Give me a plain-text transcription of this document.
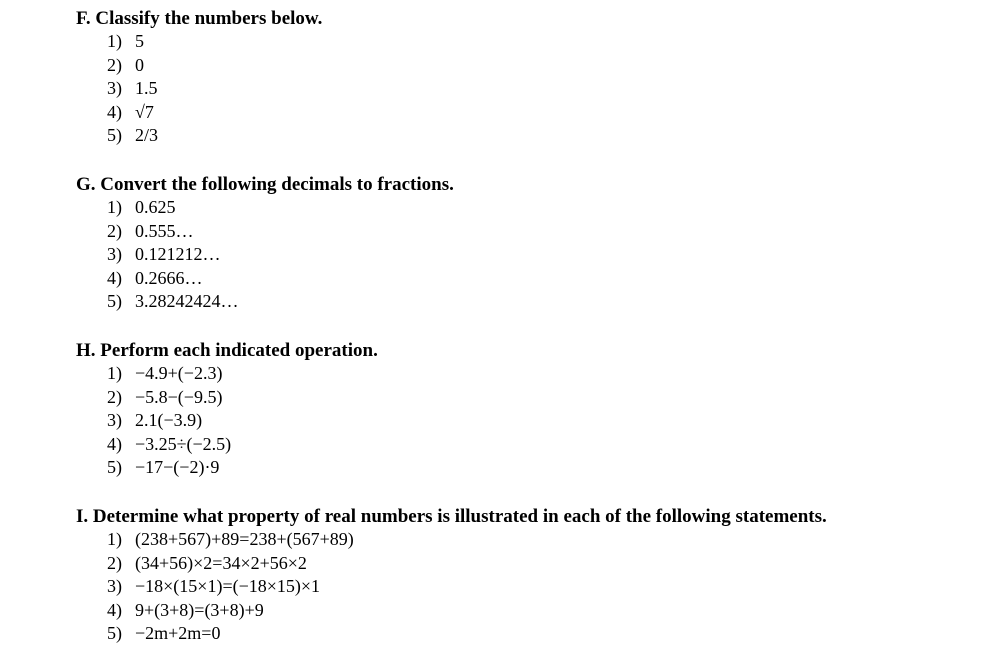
F. Classify the numbers below.

1) 5
2) 0
3) 1.5
4) √7
5) 2/3

G. Convert the following decimals to fractions.

1) 0.625
2) 0.555…
3) 0.121212…
4) 0.2666…
5) 3.28242424…

H. Perform each indicated operation.

1) −4.9+(−2.3)
2) −5.8−(−9.5)
3) 2.1(−3.9)
4) −3.25÷(−2.5)
5) −17−(−2)·9

I. Determine what property of real numbers is illustrated in each of the following statements.

1) (238+567)+89=238+(567+89)
2) (34+56)×2=34×2+56×2
3) −18×(15×1)=(−18×15)×1
4) 9+(3+8)=(3+8)+9
5) −2m+2m=0
